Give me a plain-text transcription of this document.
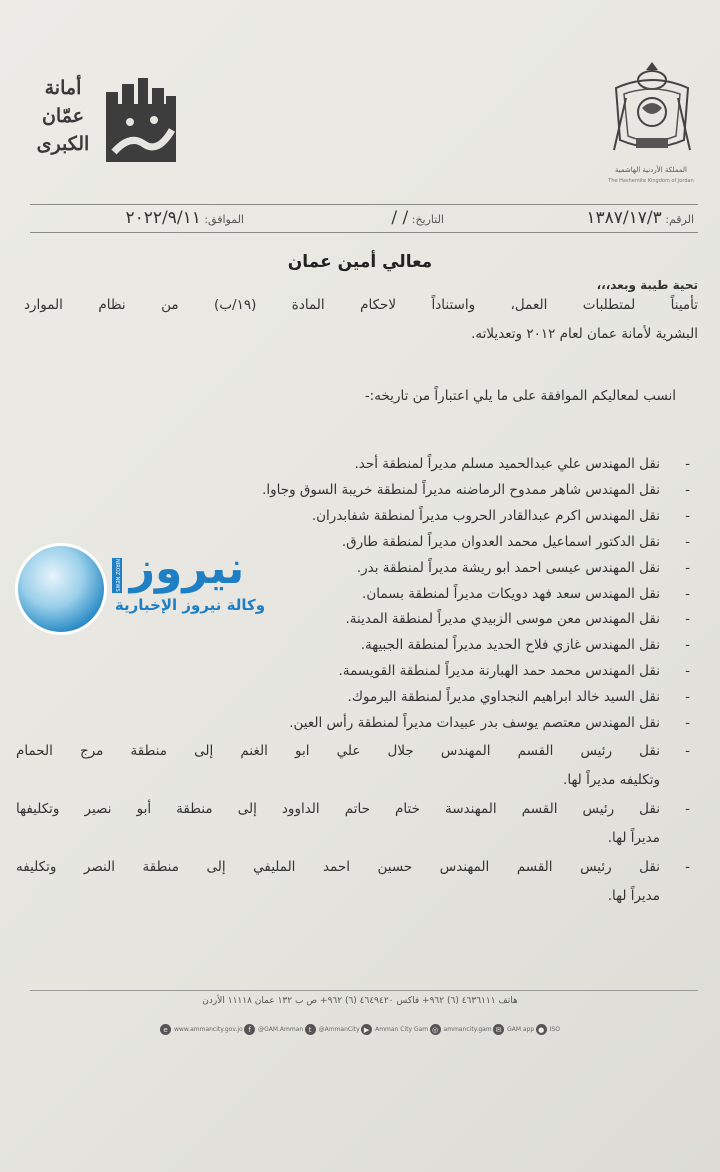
أمانة
عمّان
الكبرى
المملكة الأردنية الهاشمية
The Hashemite Kingdom of Jordan
الرقم: ١٣٨٧/١٧/٣
التاريخ: / /
الموافق: ٢٠٢٢/٩/١١
معالي أمين عمان
تحية طيبة وبعد،،،
تأميناً لمتطلبات العمل، واستناداً لاحكام المادة (١٩/ب) من نظام الموارد
البشرية لأمانة عمان لعام ٢٠١٢ وتعديلاته.
انسب لمعاليكم الموافقة على ما يلي اعتباراً من تاريخه:-
-
نقل المهندس علي عبدالحميد مسلم مديراً لمنطقة أحد.
-
نقل المهندس شاهر ممدوح الرماضنه مديراً لمنطقة خريبة السوق وجاوا.
-
نقل المهندس اكرم عبدالقادر الحروب مديراً لمنطقة شفابدران.
-
نقل الدكتور اسماعيل محمد العدوان مديراً لمنطقة طارق.
-
نقل المهندس عيسى احمد ابو ريشة مديراً لمنطقة بدر.
-
نقل المهندس سعد فهد دويكات مديراً لمنطقة بسمان.
-
نقل المهندس معن موسى الزبيدي مديراً لمنطقة المدينة.
-
نقل المهندس غازي فلاح الحديد مديراً لمنطقة الجبيهة.
-
نقل المهندس محمد حمد الهبارنة مديراً لمنطقة القويسمة.
-
نقل السيد خالد ابراهيم النجداوي مديراً لمنطقة اليرموك.
-
نقل المهندس معتصم يوسف بدر عبيدات مديراً لمنطقة رأس العين.
-
نقل رئيس القسم المهندس جلال علي ابو الغنم إلى منطقة مرج الحمام
وتكليفه مديراً لها.
-
نقل رئيس القسم المهندسة ختام حاتم الداوود إلى منطقة أبو نصير وتكليفها
مديراً لها.
-
نقل رئيس القسم المهندس حسين احمد المليفي إلى منطقة النصر وتكليفه
مديراً لها.
هاتف ٤٦٣٦١١١ (٦) ٩٦٢+ فاكس ٤٦٤٩٤٢٠ (٦) ٩٦٢+ ص ب ١٣٢ عمان ١١١١٨ الأردن
● ISO
✉ GAM app
◎ ammancity.gam
▶ Amman City Gam
t	@AmmanCity
f	@GAM.Amman
e	www.ammancity.gov.jo
NIROZ NEWS نيروز
وكالة نيروز الإخبارية
